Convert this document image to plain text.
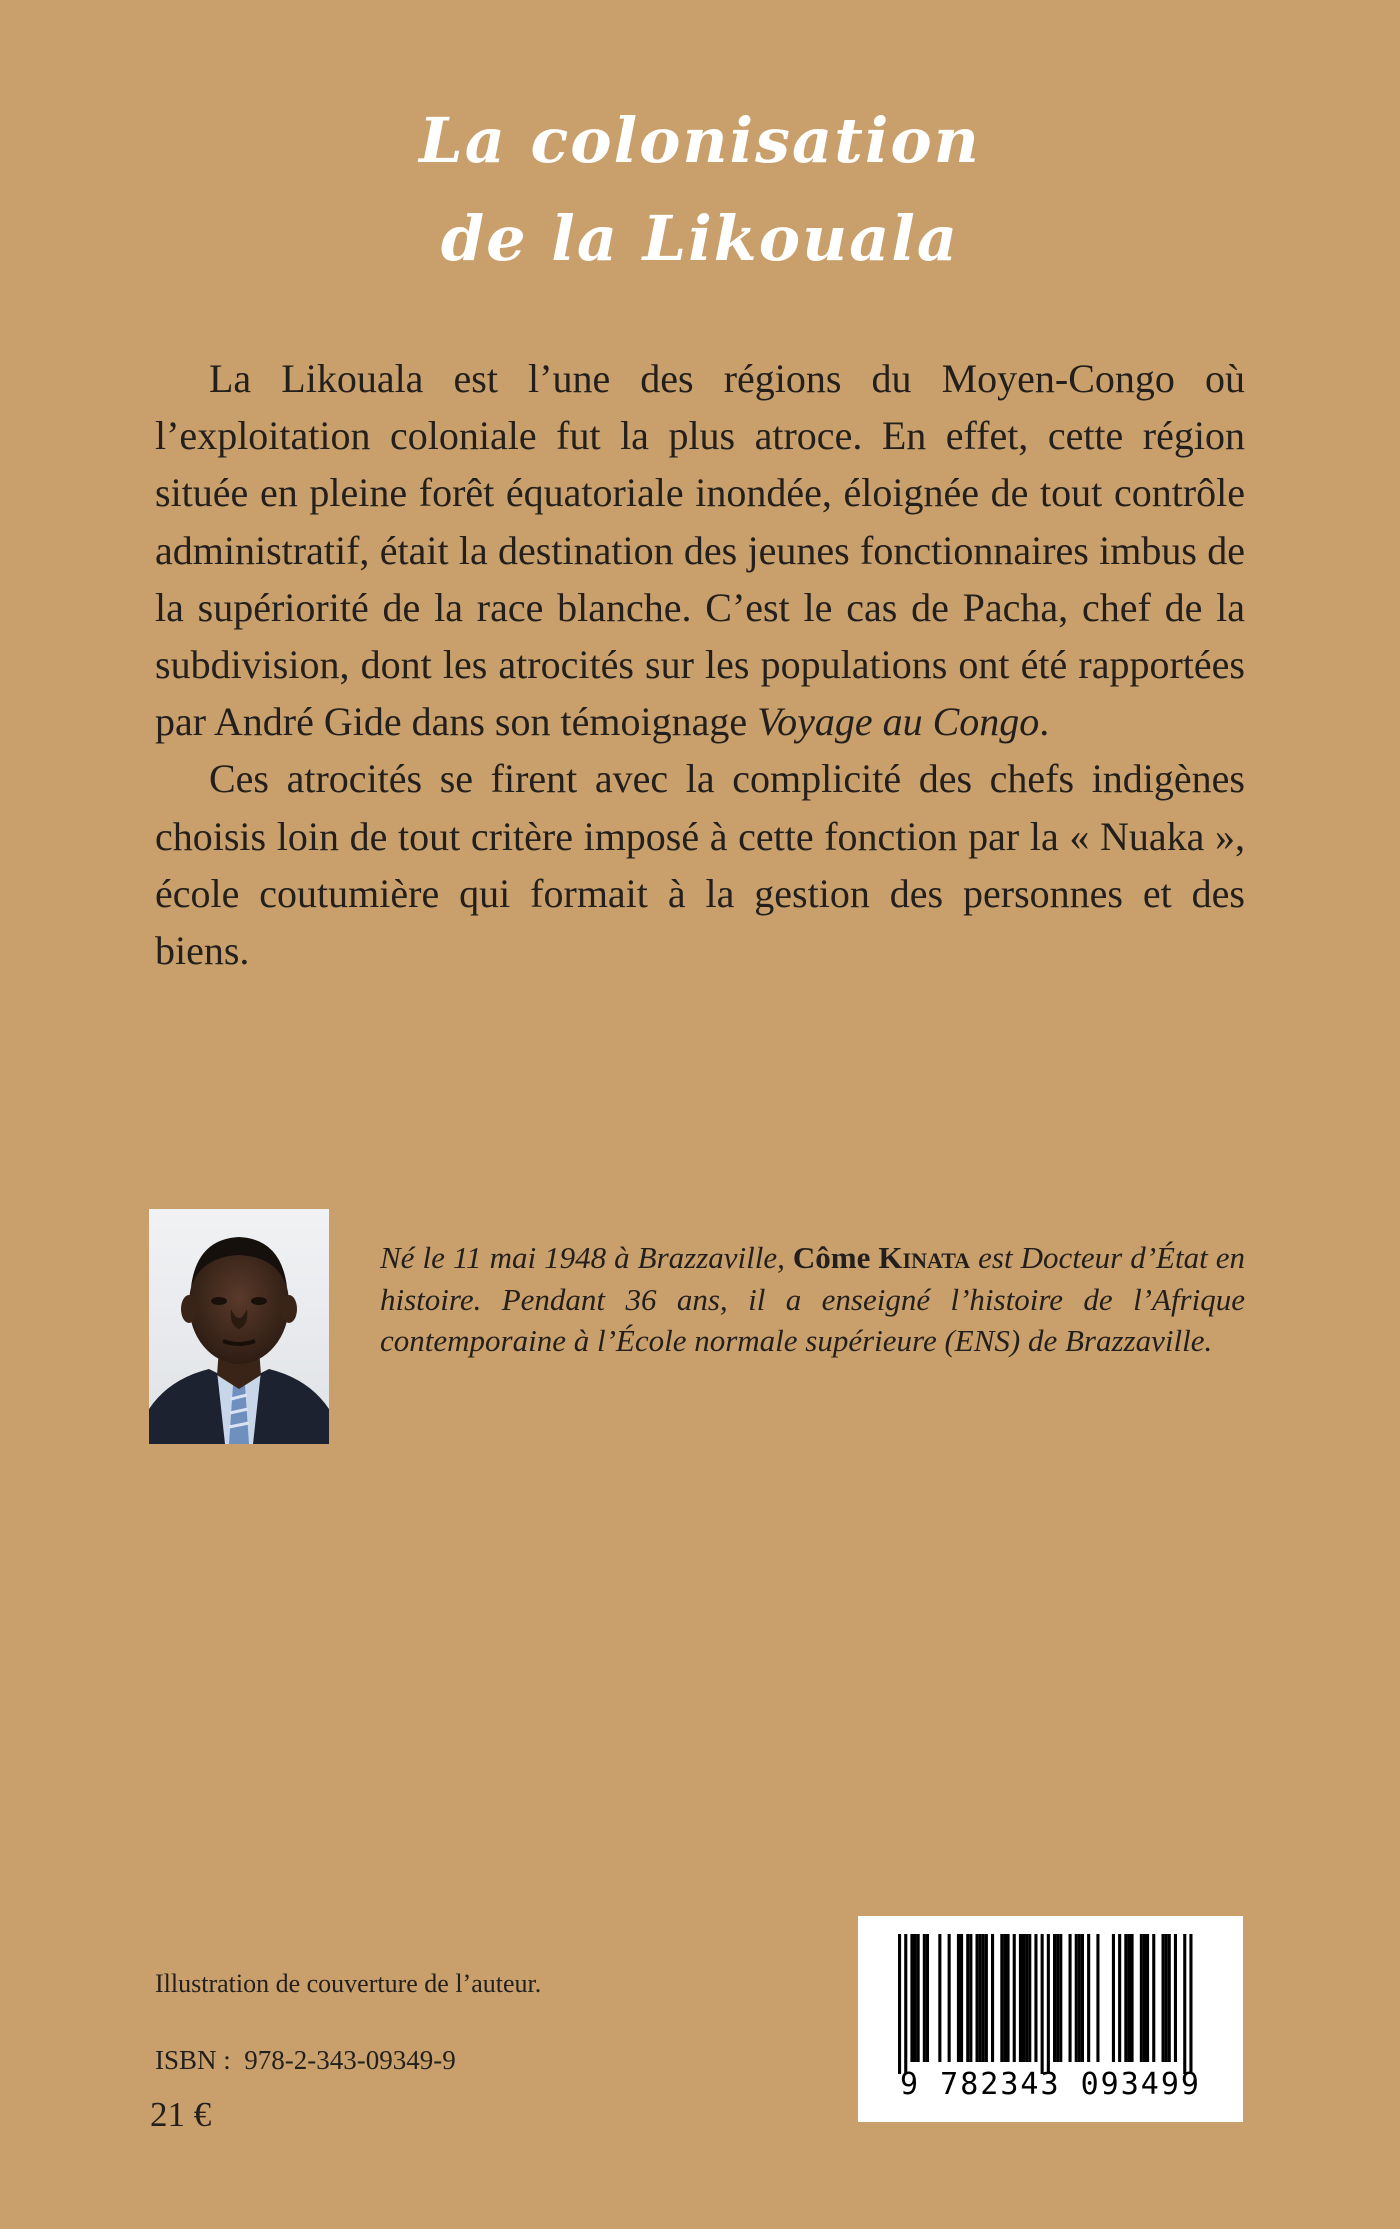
La colonisation
de la Likouala

La Likouala est l’une des régions du Moyen-Congo où l’exploitation coloniale fut la plus atroce. En effet, cette région située en pleine forêt équatoriale inondée, éloignée de tout contrôle administratif, était la destination des jeunes fonctionnaires imbus de la supériorité de la race blanche. C’est le cas de Pacha, chef de la subdivision, dont les atrocités sur les populations ont été rapportées par André Gide dans son témoignage Voyage au Congo.

Ces atrocités se firent avec la complicité des chefs indigènes choisis loin de tout critère imposé à cette fonction par la « Nuaka », école coutumière qui formait à la gestion des personnes et des biens.

Né le 11 mai 1948 à Brazzaville, Côme Kinata est Docteur d’État en histoire. Pendant 36 ans, il a enseigné l’histoire de l’Afrique contemporaine à l’École normale supérieure (ENS) de Brazzaville.
Illustration de couverture de l’auteur.
ISBN :  978-2-343-09349-9
21 €
9 782343 093499
